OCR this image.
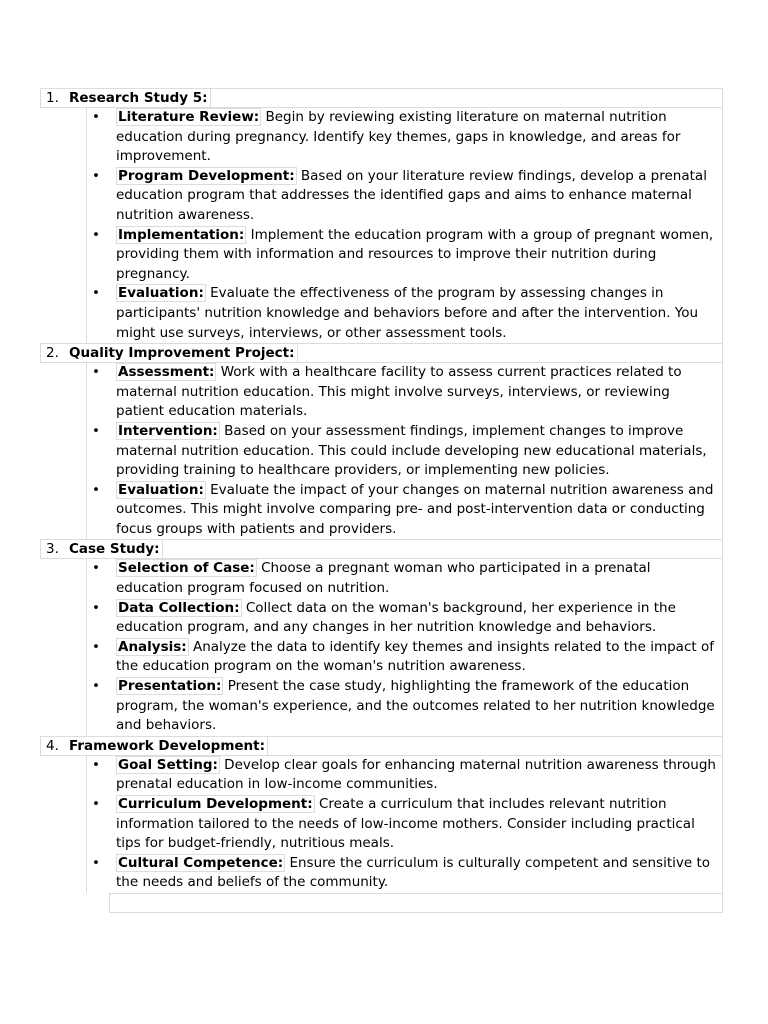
1. Research Study 5:
• Literature Review: Begin by reviewing existing literature on maternal nutrition education during pregnancy. Identify key themes, gaps in knowledge, and areas for improvement.
• Program Development: Based on your literature review findings, develop a prenatal education program that addresses the identified gaps and aims to enhance maternal nutrition awareness.
• Implementation: Implement the education program with a group of pregnant women, providing them with information and resources to improve their nutrition during pregnancy.
• Evaluation: Evaluate the effectiveness of the program by assessing changes in participants' nutrition knowledge and behaviors before and after the intervention. You might use surveys, interviews, or other assessment tools.
2. Quality Improvement Project:
• Assessment: Work with a healthcare facility to assess current practices related to maternal nutrition education. This might involve surveys, interviews, or reviewing patient education materials.
• Intervention: Based on your assessment findings, implement changes to improve maternal nutrition education. This could include developing new educational materials, providing training to healthcare providers, or implementing new policies.
• Evaluation: Evaluate the impact of your changes on maternal nutrition awareness and outcomes. This might involve comparing pre- and post-intervention data or conducting focus groups with patients and providers.
3. Case Study:
• Selection of Case: Choose a pregnant woman who participated in a prenatal education program focused on nutrition.
• Data Collection: Collect data on the woman's background, her experience in the education program, and any changes in her nutrition knowledge and behaviors.
• Analysis: Analyze the data to identify key themes and insights related to the impact of the education program on the woman's nutrition awareness.
• Presentation: Present the case study, highlighting the framework of the education program, the woman's experience, and the outcomes related to her nutrition knowledge and behaviors.
4. Framework Development:
• Goal Setting: Develop clear goals for enhancing maternal nutrition awareness through prenatal education in low-income communities.
• Curriculum Development: Create a curriculum that includes relevant nutrition information tailored to the needs of low-income mothers. Consider including practical tips for budget-friendly, nutritious meals.
• Cultural Competence: Ensure the curriculum is culturally competent and sensitive to the needs and beliefs of the community.
